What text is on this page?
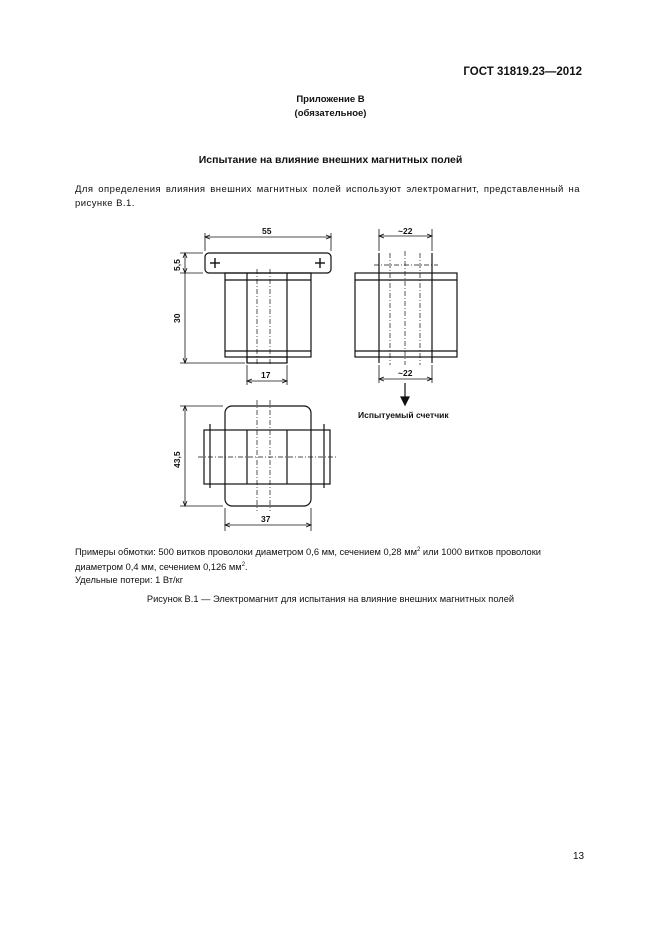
ГОСТ 31819.23—2012
Приложение В
(обязательное)
Испытание на влияние внешних магнитных полей
Для определения влияния внешних магнитных полей используют электромагнит, представленный на рисунке В.1.
55
5,5
30
17
~22
~22
Испытуемый счетчик
43,5
37

Примеры обмотки: 500 витков проволоки диаметром 0,6 мм, сечением 0,28 $мм^2$ или 1000 витков проволоки диаметром 0,4 мм, сечением 0,126 $мм^2$.

Удельные потери: 1 Вт/кг

Рисунок В.1 — Электромагнит для испытания на влияние внешних магнитных полей
13
